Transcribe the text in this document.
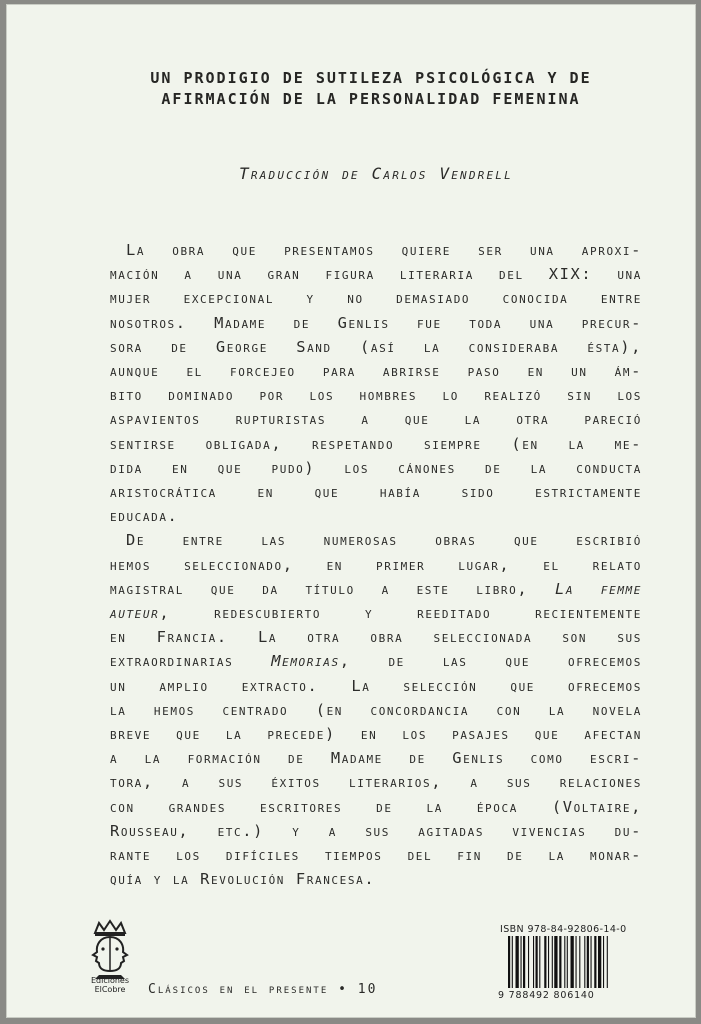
UN PRODIGIO DE SUTILEZA PSICOLÓGICA Y DE
AFIRMACIÓN DE LA PERSONALIDAD FEMENINA
Traducción de Carlos Vendrell
La obra que presentamos quiere ser una aproxi-
mación a una gran figura literaria del XIX: una
mujer excepcional y no demasiado conocida entre
nosotros. Madame de Genlis fue toda una precur-
sora de George Sand (así la consideraba ésta),
aunque el forcejeo para abrirse paso en un ám-
bito dominado por los hombres lo realizó sin los
aspavientos rupturistas a que la otra pareció
sentirse obligada, respetando siempre (en la me-
dida en que pudo) los cánones de la conducta
aristocrática en que había sido estrictamente
educada.
De entre las numerosas obras que escribió
hemos seleccionado, en primer lugar, el relato
magistral que da título a este libro, La femme
auteur, redescubierto y reeditado recientemente
en Francia. La otra obra seleccionada son sus
extraordinarias Memorias, de las que ofrecemos
un amplio extracto. La selección que ofrecemos
la hemos centrado (en concordancia con la novela
breve que la precede) en los pasajes que afectan
a la formación de Madame de Genlis como escri-
tora, a sus éxitos literarios, a sus relaciones
con grandes escritores de la época (Voltaire,
Rousseau, etc.) y a sus agitadas vivencias du-
rante los difíciles tiempos del fin de la monar-
quía y la Revolución Francesa.
Ediciones
ElCobre	Clásicos en el presente • 10
ISBN 978-84-92806-14-0
9 788492 806140
